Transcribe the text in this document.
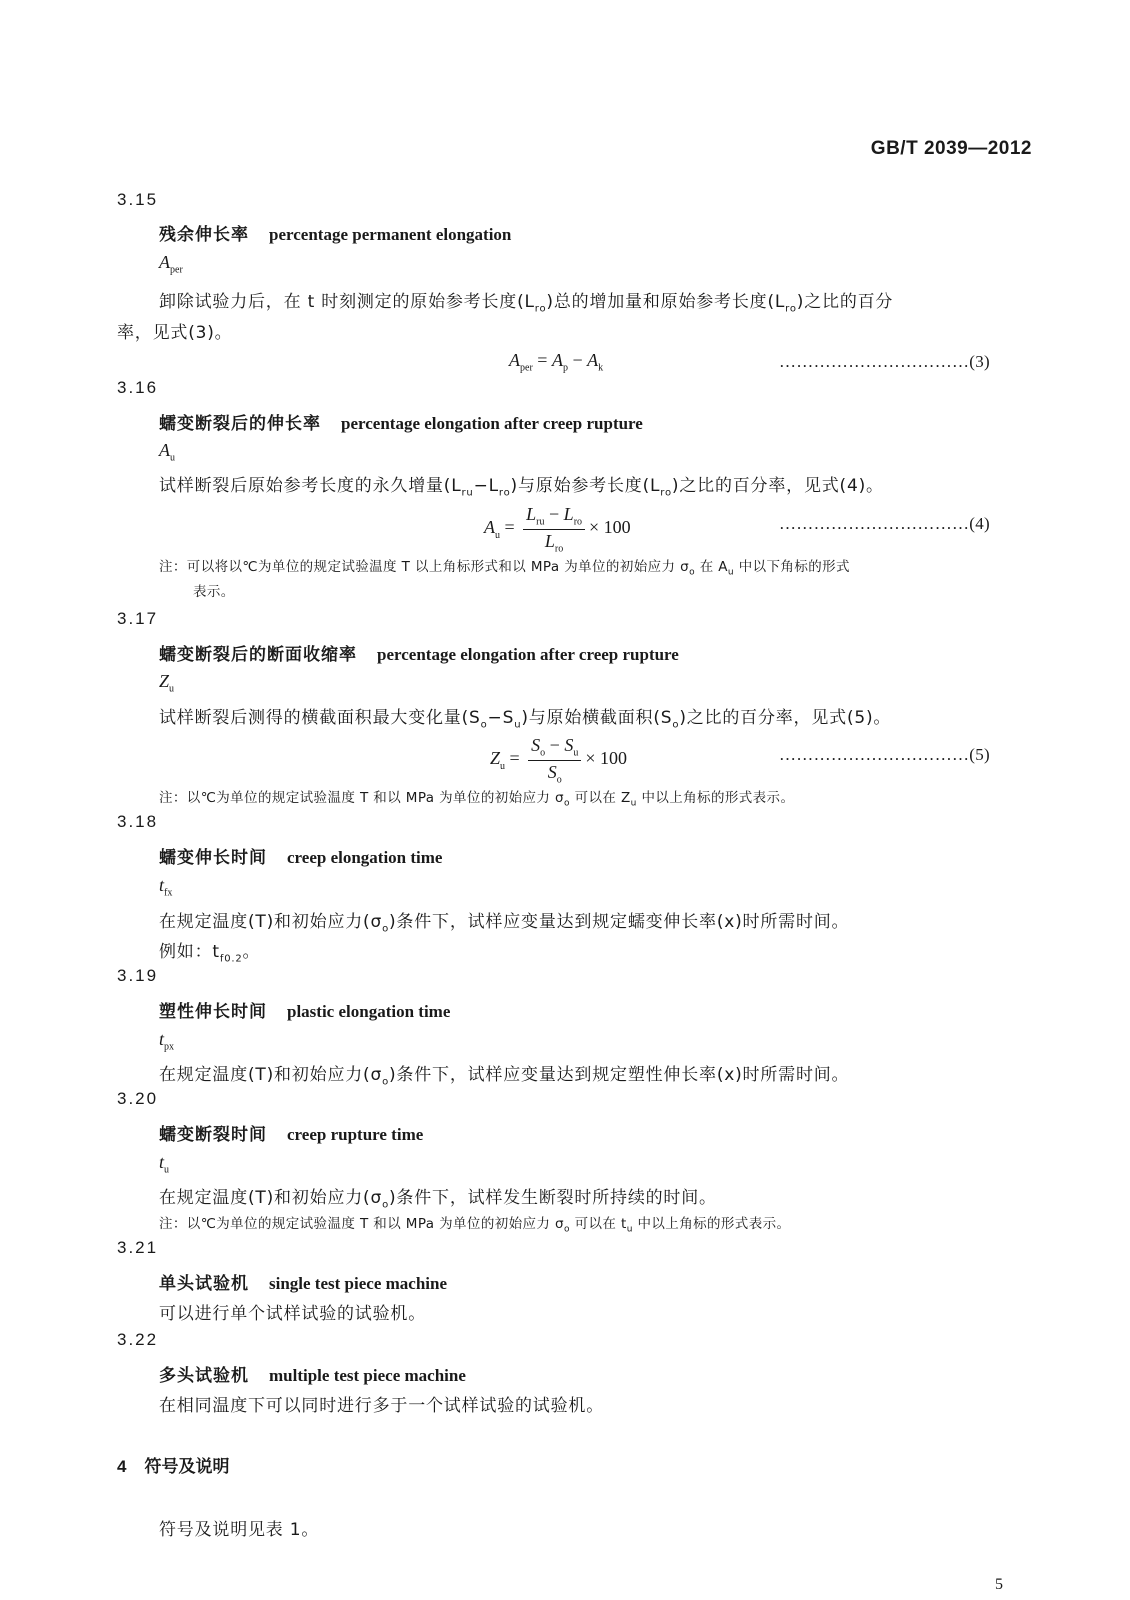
GB/T 2039—2012
3.15
残余伸长率 percentage permanent elongation
$A_{per}$
卸除试验力后，在 t 时刻测定的原始参考长度$(L_{ro})$总的增加量和原始参考长度$(L_{ro})$之比的百分
率，见式(3)。
$A_{per} = A_p - A_k$	……………………………(3)
3.16
蠕变断裂后的伸长率 percentage elongation after creep rupture
$A_u$
试样断裂后原始参考长度的永久增量$(L_{ru}-L_{ro})$与原始参考长度$(L_{ro})$之比的百分率，见式(4)。
$A_u = \frac{L_{ru} - L_{ro}}{L_{ro}} \times 100$	……………………………(4)
注：可以将以℃为单位的规定试验温度 T 以上角标形式和以 MPa 为单位的初始应力 $\sigma_o$ 在 $A_u$ 中以下角标的形式
表示。
3.17
蠕变断裂后的断面收缩率 percentage elongation after creep rupture
$Z_u$
试样断裂后测得的横截面积最大变化量$(S_o-S_u)$与原始横截面积$(S_o)$之比的百分率，见式(5)。
$Z_u = \frac{S_o - S_u}{S_o} \times 100$	……………………………(5)
注：以℃为单位的规定试验温度 T 和以 MPa 为单位的初始应力 $\sigma_o$ 可以在 $Z_u$ 中以上角标的形式表示。
3.18
蠕变伸长时间 creep elongation time
$t_{fx}$
在规定温度(T)和初始应力$(\sigma_o)$条件下，试样应变量达到规定蠕变伸长率(x)时所需时间。
例如：$t_{f0.2}$。
3.19
塑性伸长时间 plastic elongation time
$t_{px}$
在规定温度(T)和初始应力$(\sigma_o)$条件下，试样应变量达到规定塑性伸长率(x)时所需时间。
3.20
蠕变断裂时间 creep rupture time
$t_u$
在规定温度(T)和初始应力$(\sigma_o)$条件下，试样发生断裂时所持续的时间。
注：以℃为单位的规定试验温度 T 和以 MPa 为单位的初始应力 $\sigma_o$ 可以在 $t_u$ 中以上角标的形式表示。
3.21
单头试验机 single test piece machine
可以进行单个试样试验的试验机。
3.22
多头试验机 multiple test piece machine
在相同温度下可以同时进行多于一个试样试验的试验机。
4 符号及说明
符号及说明见表 1。
5
